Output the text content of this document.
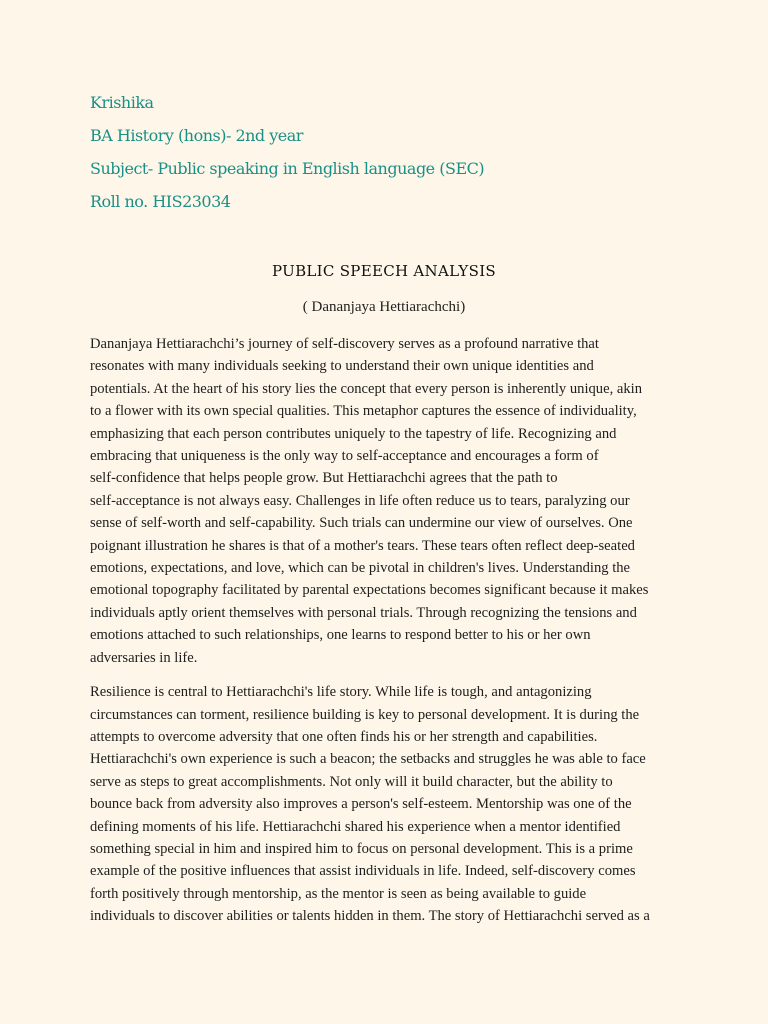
Krishika
BA History (hons)- 2nd year
Subject- Public speaking in English language (SEC)
Roll no. HIS23034
PUBLIC SPEECH ANALYSIS
( Dananjaya Hettiarachchi)
Dananjaya Hettiarachchi’s journey of self-discovery serves as a profound narrative that
resonates with many individuals seeking to understand their own unique identities and
potentials. At the heart of his story lies the concept that every person is inherently unique, akin
to a flower with its own special qualities. This metaphor captures the essence of individuality,
emphasizing that each person contributes uniquely to the tapestry of life. Recognizing and
embracing that uniqueness is the only way to self-acceptance and encourages a form of
self-confidence that helps people grow. But Hettiarachchi agrees that the path to
self-acceptance is not always easy. Challenges in life often reduce us to tears, paralyzing our
sense of self-worth and self-capability. Such trials can undermine our view of ourselves. One
poignant illustration he shares is that of a mother's tears. These tears often reflect deep-seated
emotions, expectations, and love, which can be pivotal in children's lives. Understanding the
emotional topography facilitated by parental expectations becomes significant because it makes
individuals aptly orient themselves with personal trials. Through recognizing the tensions and
emotions attached to such relationships, one learns to respond better to his or her own
adversaries in life.
Resilience is central to Hettiarachchi's life story. While life is tough, and antagonizing
circumstances can torment, resilience building is key to personal development. It is during the
attempts to overcome adversity that one often finds his or her strength and capabilities.
Hettiarachchi's own experience is such a beacon; the setbacks and struggles he was able to face
serve as steps to great accomplishments. Not only will it build character, but the ability to
bounce back from adversity also improves a person's self-esteem. Mentorship was one of the
defining moments of his life. Hettiarachchi shared his experience when a mentor identified
something special in him and inspired him to focus on personal development. This is a prime
example of the positive influences that assist individuals in life. Indeed, self-discovery comes
forth positively through mentorship, as the mentor is seen as being available to guide
individuals to discover abilities or talents hidden in them. The story of Hettiarachchi served as a
